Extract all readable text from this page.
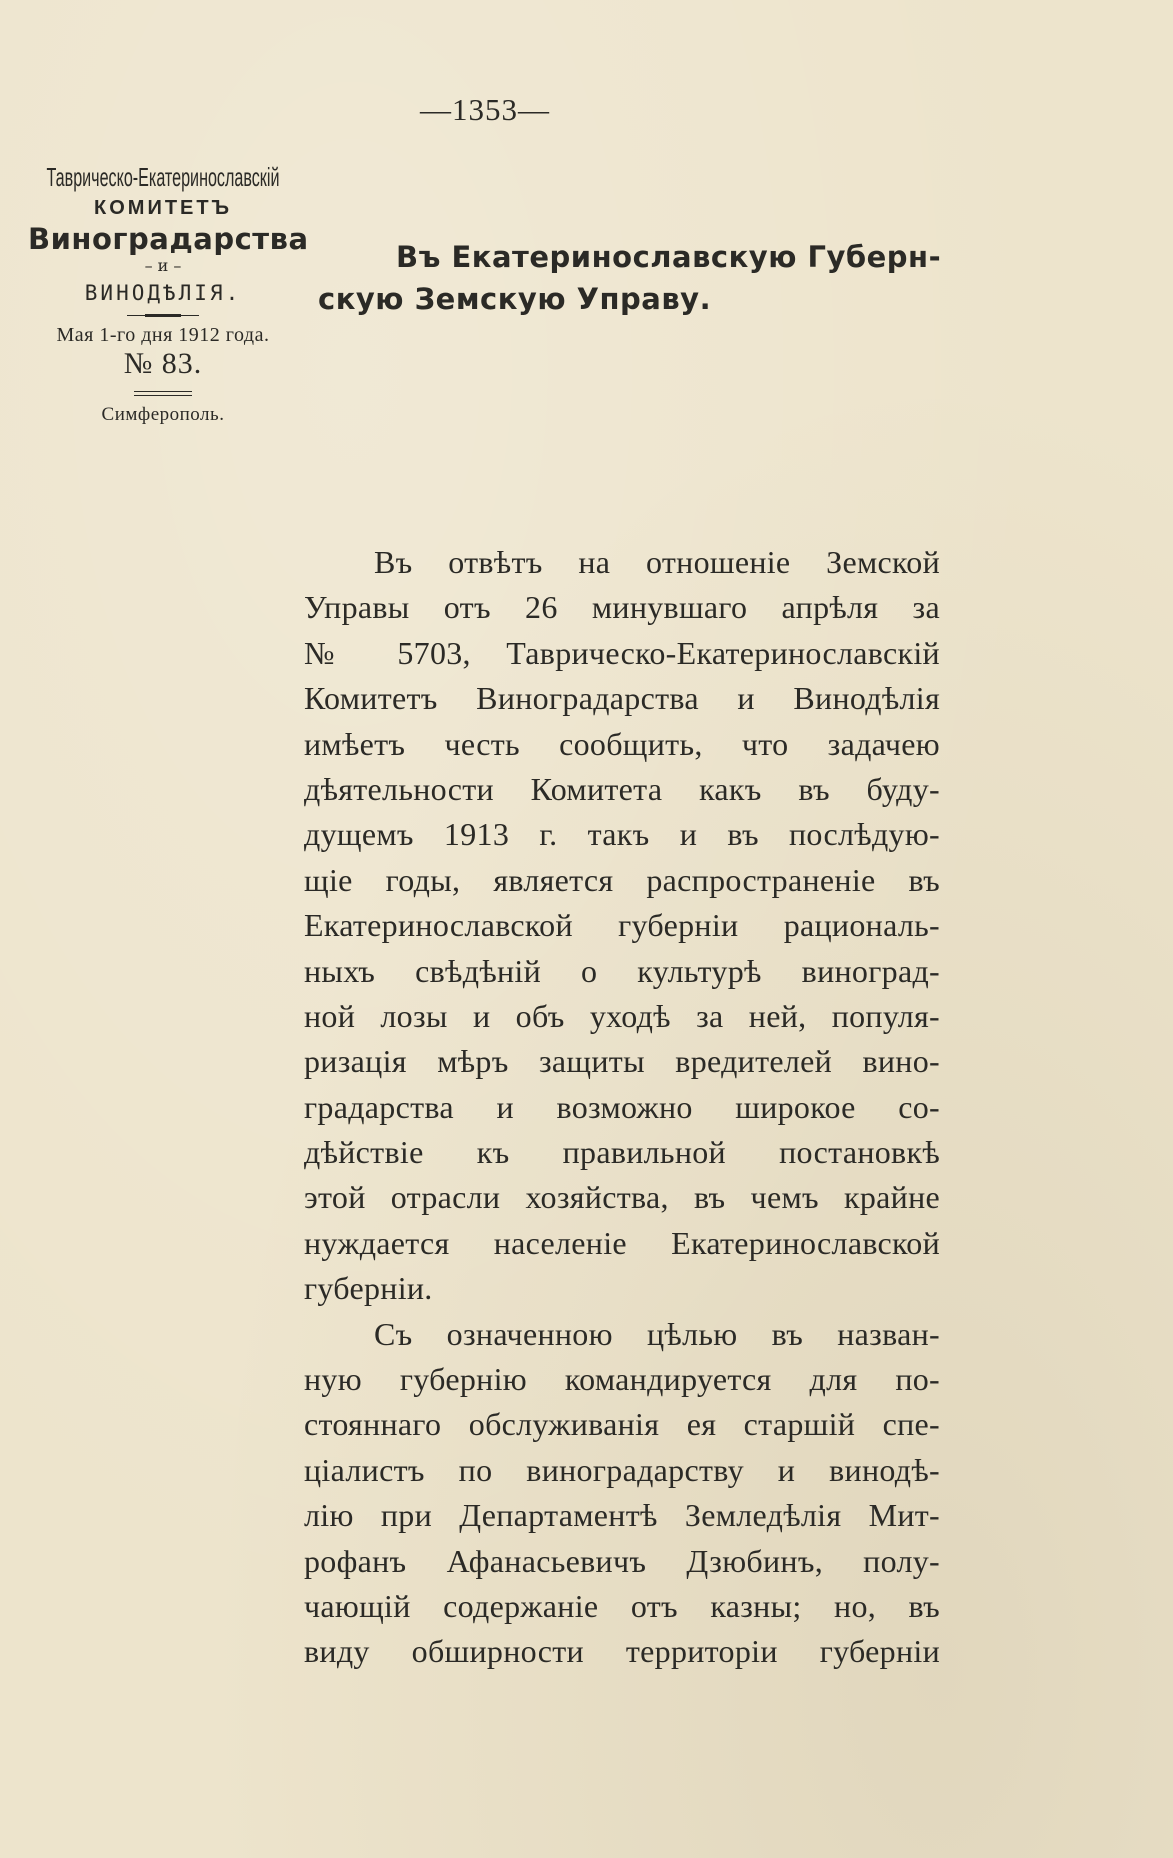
—1353—
Таврическо-Екатеринославскій
КОМИТЕТЪ
Виноградарства
– и –
ВИНОДѢЛІЯ.
Мая 1-го дня 1912 года.
№ 83.
Симферополь.
Въ Екатеринославскую Губерн-
скую Земскую Управу.
Въ отвѣтъ на отношеніе Земской
Управы отъ 26 минувшаго апрѣля за
№ 5703, Таврическо-Екатеринославскій
Комитетъ Виноградарства и Винодѣлія
имѣетъ честь сообщить, что задачею
дѣятельности Комитета какъ въ буду-
дущемъ 1913 г. такъ и въ послѣдую-
щіе годы, является распространеніе въ
Екатеринославской губерніи рациональ-
ныхъ свѣдѣній о культурѣ виноград-
ной лозы и объ уходѣ за ней, популя-
ризація мѣръ защиты вредителей вино-
градарства и возможно широкое со-
дѣйствіе къ правильной постановкѣ
этой отрасли хозяйства, въ чемъ крайне
нуждается населеніе Екатеринославской
губерніи.
Съ означенною цѣлью въ назван-
ную губернію командируется для по-
стояннаго обслуживанія ея старшій спе-
ціалистъ по виноградарству и винодѣ-
лію при Департаментѣ Земледѣлія Мит-
рофанъ Афанасьевичъ Дзюбинъ, полу-
чающій содержаніе отъ казны; но, въ
виду обширности территоріи губерніи
